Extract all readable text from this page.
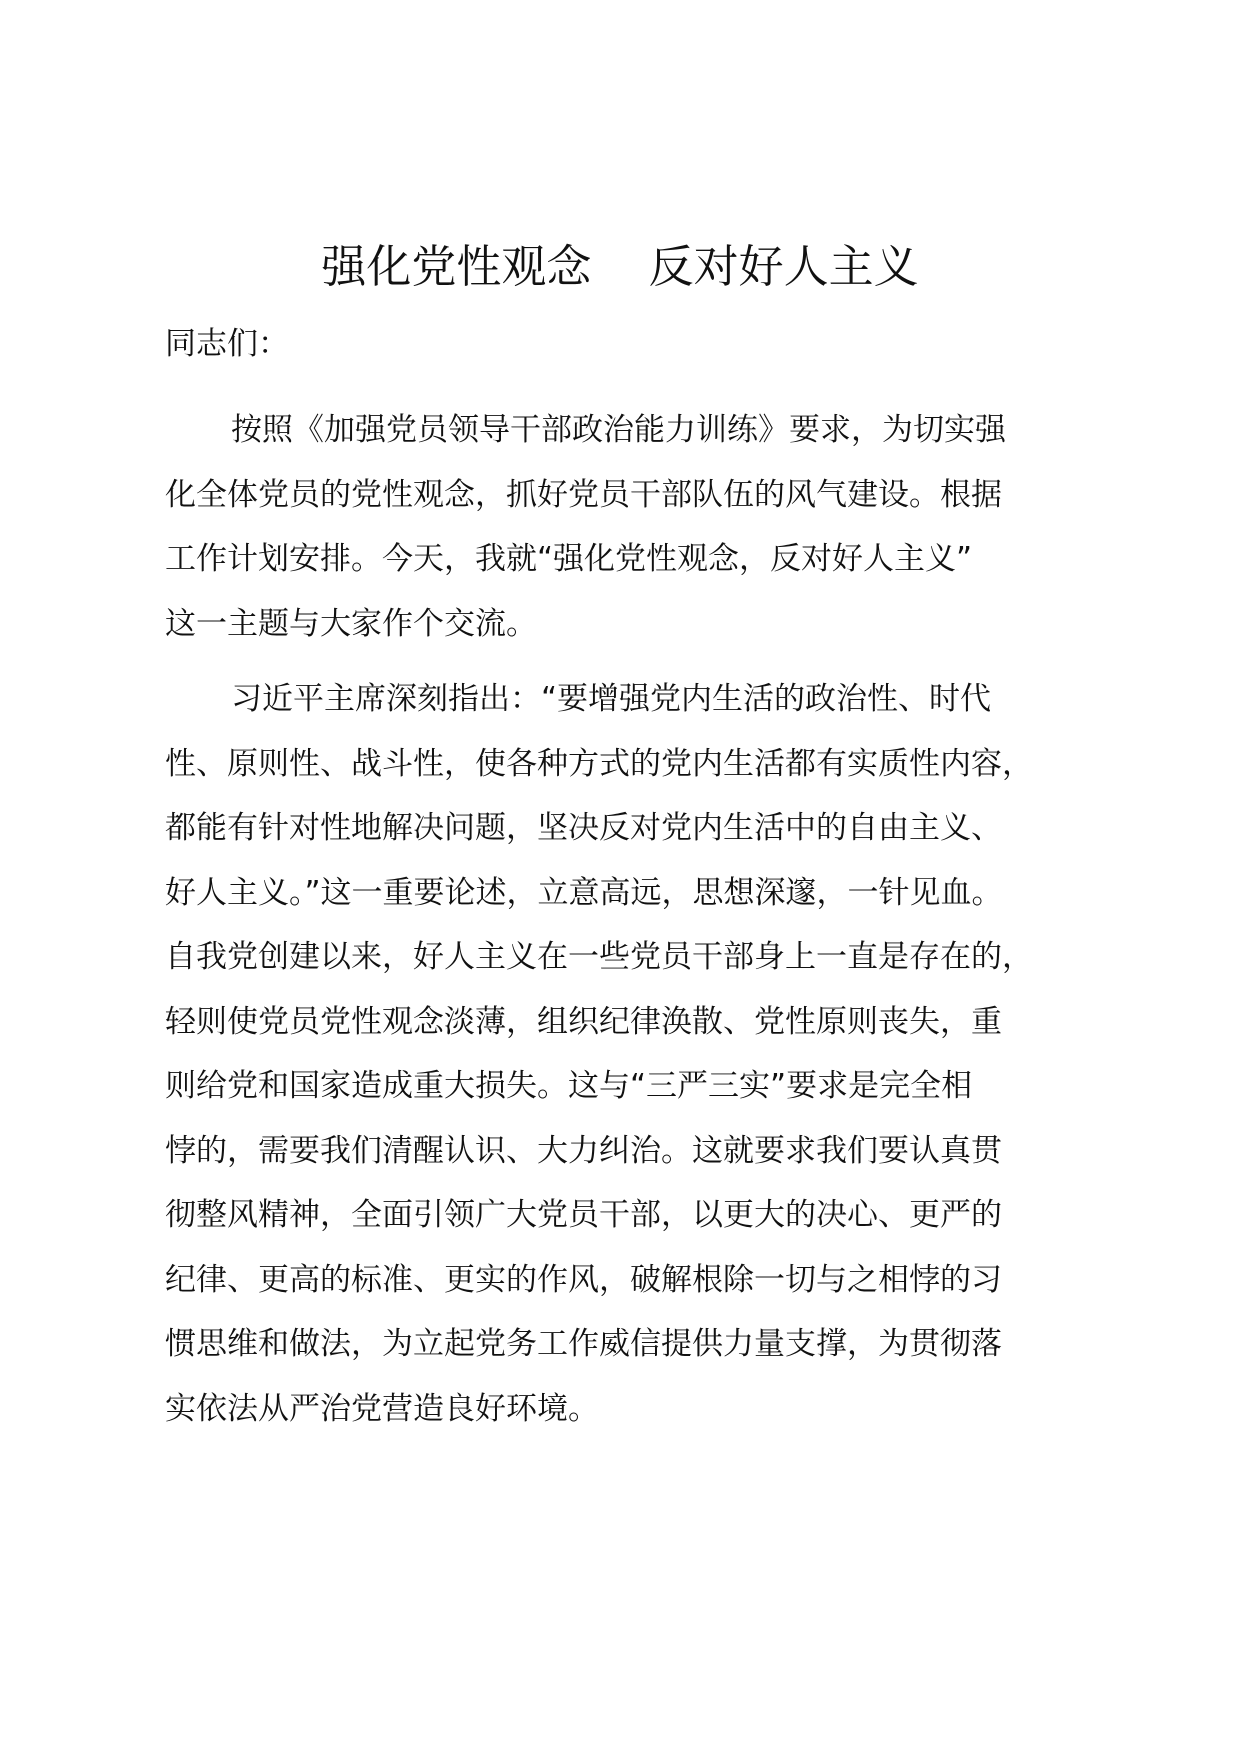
强化党性观念    反对好人主义

同志们：

按照《加强党员领导干部政治能力训练》要求，为切实强
化全体党员的党性观念，抓好党员干部队伍的风气建设。根据
工作计划安排。今天，我就“强化党性观念，反对好人主义”
这一主题与大家作个交流。
习近平主席深刻指出：“要增强党内生活的政治性、时代
性、原则性、战斗性，使各种方式的党内生活都有实质性内容，
都能有针对性地解决问题，坚决反对党内生活中的自由主义、
好人主义。”这一重要论述，立意高远，思想深邃，一针见血。
自我党创建以来，好人主义在一些党员干部身上一直是存在的，
轻则使党员党性观念淡薄，组织纪律涣散、党性原则丧失，重
则给党和国家造成重大损失。这与“三严三实”要求是完全相
悖的，需要我们清醒认识、大力纠治。这就要求我们要认真贯
彻整风精神，全面引领广大党员干部，以更大的决心、更严的
纪律、更高的标准、更实的作风，破解根除一切与之相悖的习
惯思维和做法，为立起党务工作威信提供力量支撑，为贯彻落
实依法从严治党营造良好环境。
